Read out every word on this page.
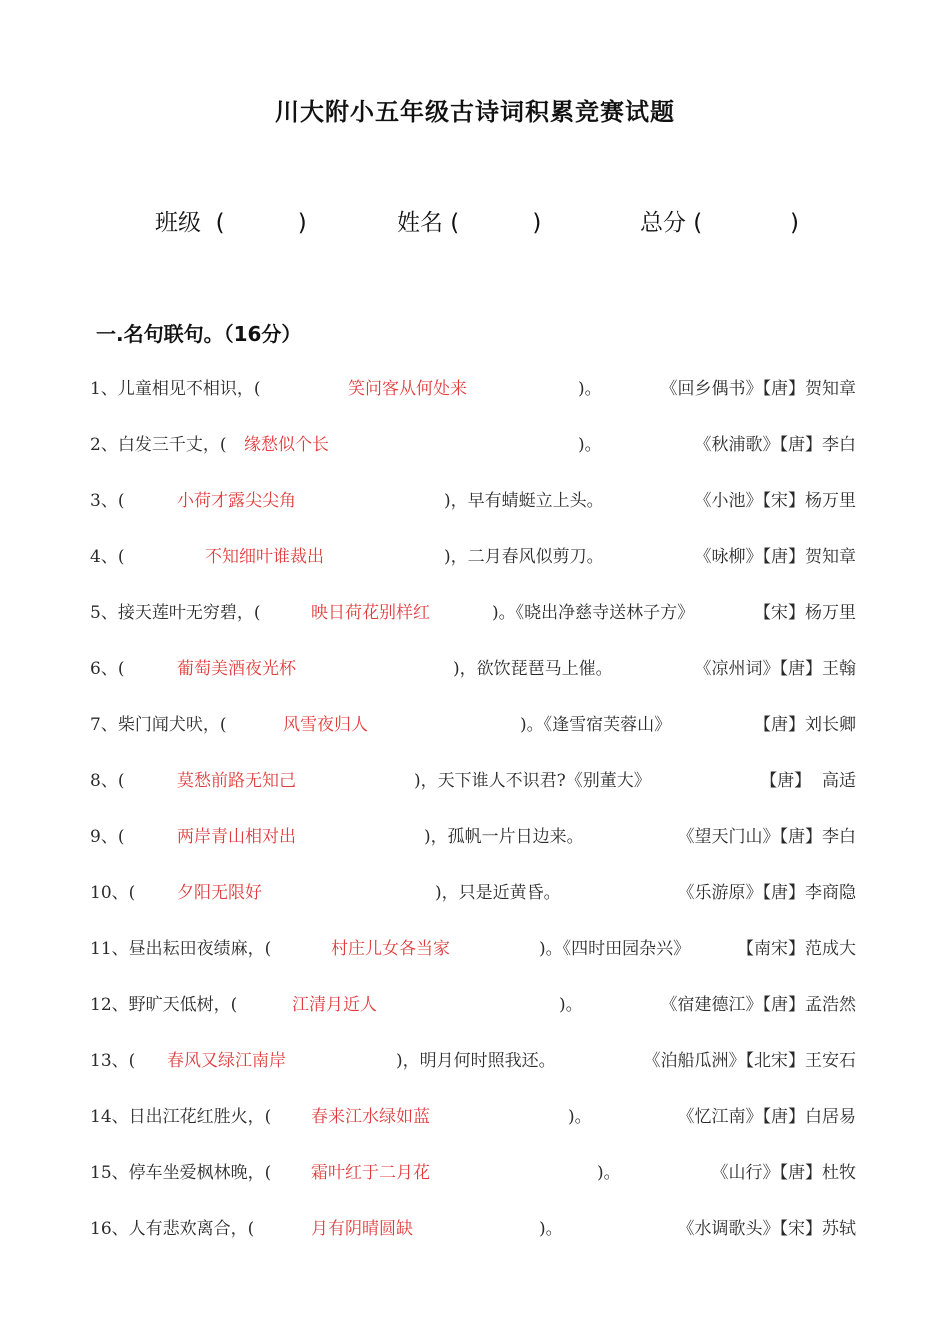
川大附小五年级古诗词积累竞赛试题
班级  (          )	姓名 (          )	总分 (            )
一.名句联句。（16分）
1、儿童相见不相识，(	笑问客从何处来	)。	《回乡偶书》【唐】贺知章
2、白发三千丈，( 缘愁似个长	)。	《秋浦歌》【唐】李白
3、(	小荷才露尖尖角	)，早有蜻蜓立上头。	《小池》【宋】杨万里
4、(	不知细叶谁裁出	)，二月春风似剪刀。	《咏柳》【唐】贺知章
5、接天莲叶无穷碧，(	映日荷花别样红	)。《晓出净慈寺送林子方》	【宋】杨万里
6、(	葡萄美酒夜光杯	)，欲饮琵琶马上催。	《凉州词》【唐】王翰
7、柴门闻犬吠，(	风雪夜归人	)。《逢雪宿芙蓉山》	【唐】刘长卿
8、(	莫愁前路无知己	)，天下谁人不识君?《别董大》	【唐】  高适
9、(	两岸青山相对出	)，孤帆一片日边来。	《望天门山》【唐】李白
10、( 夕阳无限好	)，只是近黄昏。	《乐游原》【唐】李商隐
11、昼出耘田夜绩麻，(	村庄儿女各当家	)。《四时田园杂兴》	【南宋】范成大
12、野旷天低树，(	江清月近人	)。	《宿建德江》【唐】孟浩然
13、( 春风又绿江南岸	)，明月何时照我还。	《泊船瓜洲》【北宋】王安石
14、日出江花红胜火，( 春来江水绿如蓝	)。	《忆江南》【唐】白居易
15、停车坐爱枫林晚，( 霜叶红于二月花	)。	《山行》【唐】杜牧
16、人有悲欢离合，(	月有阴晴圆缺	)。	《水调歌头》【宋】苏轼
